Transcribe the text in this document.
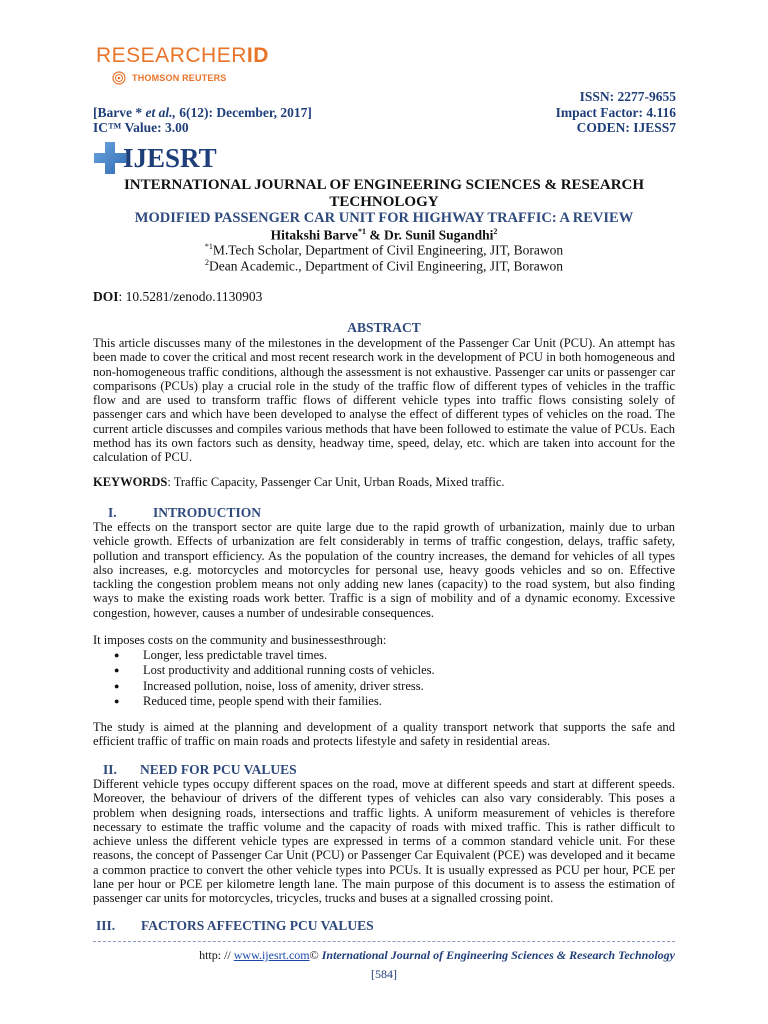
RESEARCHERID
THOMSON REUTERS
ISSN: 2277-9655
[Barve * et al., 6(12): December, 2017]	Impact Factor: 4.116
IC™ Value: 3.00	CODEN: IJESS7
IJESRT
INTERNATIONAL JOURNAL OF ENGINEERING SCIENCES & RESEARCH TECHNOLOGY
MODIFIED PASSENGER CAR UNIT FOR HIGHWAY TRAFFIC: A REVIEW
Hitakshi Barve$^{*1}$ & Dr. Sunil Sugandhi$^2$
$^{*1}$M.Tech Scholar, Department of Civil Engineering, JIT, Borawon
$^2$Dean Academic., Department of Civil Engineering, JIT, Borawon
DOI: 10.5281/zenodo.1130903
ABSTRACT
This article discusses many of the milestones in the development of the Passenger Car Unit (PCU). An attempt has been made to cover the critical and most recent research work in the development of PCU in both homogeneous and non-homogeneous traffic conditions, although the assessment is not exhaustive. Passenger car units or passenger car comparisons (PCUs) play a crucial role in the study of the traffic flow of different types of vehicles in the traffic flow and are used to transform traffic flows of different vehicle types into traffic flows consisting solely of passenger cars and which have been developed to analyse the effect of different types of vehicles on the road. The current article discusses and compiles various methods that have been followed to estimate the value of PCUs. Each method has its own factors such as density, headway time, speed, delay, etc. which are taken into account for the calculation of PCU.
KEYWORDS: Traffic Capacity, Passenger Car Unit, Urban Roads, Mixed traffic.
I.	INTRODUCTION
The effects on the transport sector are quite large due to the rapid growth of urbanization, mainly due to urban vehicle growth. Effects of urbanization are felt considerably in terms of traffic congestion, delays, traffic safety, pollution and transport efficiency. As the population of the country increases, the demand for vehicles of all types also increases, e.g. motorcycles and motorcycles for personal use, heavy goods vehicles and so on. Effective tackling the congestion problem means not only adding new lanes (capacity) to the road system, but also finding ways to make the existing roads work better. Traffic is a sign of mobility and of a dynamic economy. Excessive congestion, however, causes a number of undesirable consequences.
It imposes costs on the community and businessesthrough:
●	Longer, less predictable travel times.
●	Lost productivity and additional running costs of vehicles.
●	Increased pollution, noise, loss of amenity, driver stress.
●	Reduced time, people spend with their families.
The study is aimed at the planning and development of a quality transport network that supports the safe and efficient traffic of traffic on main roads and protects lifestyle and safety in residential areas.
II.	NEED FOR PCU VALUES
Different vehicle types occupy different spaces on the road, move at different speeds and start at different speeds. Moreover, the behaviour of drivers of the different types of vehicles can also vary considerably. This poses a problem when designing roads, intersections and traffic lights. A uniform measurement of vehicles is therefore necessary to estimate the traffic volume and the capacity of roads with mixed traffic. This is rather difficult to achieve unless the different vehicle types are expressed in terms of a common standard vehicle unit. For these reasons, the concept of Passenger Car Unit (PCU) or Passenger Car Equivalent (PCE) was developed and it became a common practice to convert the other vehicle types into PCUs. It is usually expressed as PCU per hour, PCE per lane per hour or PCE per kilometre length lane. The main purpose of this document is to assess the estimation of passenger car units for motorcycles, tricycles, trucks and buses at a signalled crossing point.
III.	FACTORS AFFECTING PCU VALUES
http: // www.ijesrt.com© International Journal of Engineering Sciences & Research Technology
[584]
